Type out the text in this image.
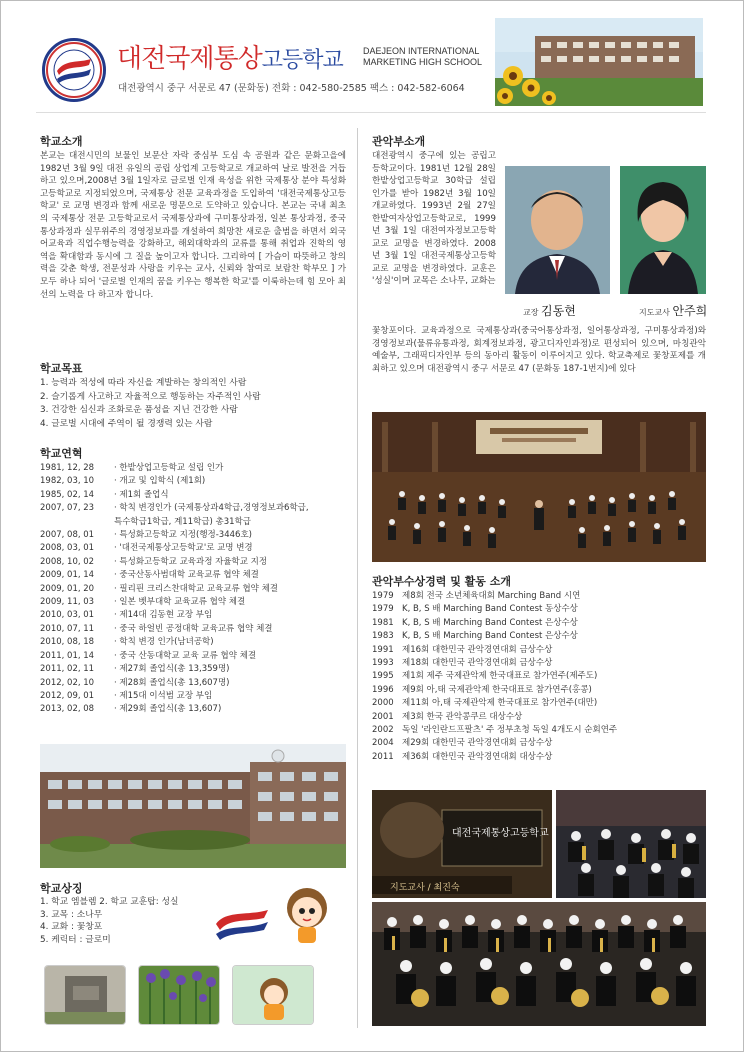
대전국제통상고등학교 DAEJEON INTERNATIONAL
MARKETING HIGH SCHOOL
대전광역시 중구 서문로 47 (문화동) 전화 : 042-580-2585 팩스 : 042-582-6064
학교소개
본교는 대전시민의 보물인 보문산 자락 중심부 도심 속 공원과 같은 문화고을에 1982년 3월 9일 대전 유일의 공립 상업계 고등학교로 개교하여 날로 발전을 거듭하고 있으며,2008년 3월 1일자로 글로벌 인재 육성을 위한 국제통상 분야 특성화고등학교로 지정되었으며, 국제통상 전문 교육과정을 도입하여 '대전국제통상고등학교' 로 교명 변경과 함께 새로운 명문으로 도약하고 있습니다. 본교는 국내 최초의 국제통상 전문 고등학교로서 국제통상과에 구미통상과정, 일본 통상과정, 중국통상과정과 실무위주의 경영정보과를 개설하여 희망찬 새로운 출범을 하면서 외국어교육과 직업수행능력을 강화하고, 해외대학과의 교류를 통해 취업과 진학의 영역을 확대함과 동시에 그 질을 높이고자 합니다. 그리하여 [ 가슴이 따뜻하고 창의력을 갖춘 학생, 전문성과 사랑을 키우는 교사, 신뢰와 참여로 보람찬 학부모 ] 가 모두 하나 되어 '글로벌 인재의 꿈을 키우는 행복한 학교'를 이룩하는데 힘 모아 최선의 노력을 다 하고자 합니다.
학교목표
1. 능력과 적성에 따라 자신을 계발하는 창의적인 사람
2. 슬기롭게 사고하고 자율적으로 행동하는 자주적인 사람
3. 건강한 심신과 조화로운 품성을 지닌 건강한 사람
4. 글로벌 시대에 주역이 될 경쟁력 있는 사람
학교연혁
1981, 12, 28	· 한밭상업고등학교 설립 인가
1982, 03, 10	· 개교 및 입학식 (제1회)
1985, 02, 14	· 제1회 졸업식
2007, 07, 23	· 학칙 변경인가 (국제통상과4학급,경영정보과6학급,
특수학급1학급, 계11학급) 총31학급
2007, 08, 01	· 특성화고등학교 지정(행정-3446호)
2008, 03, 01	· '대전국제통상고등학교'로 교명 변경
2008, 10, 02	· 특성화고등학교 교육과정 자율학교 지정
2009, 01, 14	· 중국산동사범대학 교육교류 협약 체결
2009, 01, 20	· 필리핀 크리스찬대학교 교육교류 협약 체결
2009, 11, 03	· 일본 벳부대학 교육교류 협약 체결
2010, 03, 01	· 제14대 김동현 교장 부임
2010, 07, 11	· 중국 하얼빈 공정대학 교육교류 협약 체결
2010, 08, 18	· 학칙 변경 인가(남녀공학)
2011, 01, 14	· 중국 산동대학교 교육 교류 협약 체결
2011, 02, 11	· 제27회 졸업식(총 13,359명)
2012, 02, 10	· 제28회 졸업식(총 13,607명)
2012, 09, 01	· 제15대 이석범 교장 부임
2013, 02, 08	· 제29회 졸업식(총 13,607)
학교상징
1. 학교 엠블렘 2. 학교 교훈탑: 성실
3. 교목 : 소나무
4. 교화 : 꽃창포
5. 케릭터 : 글로미
관악부소개
대전광역시 중구에 있는 공립고등학교이다. 1981년 12월 28일 한밭상업고등학교 30학급 설립인가를 받아 1982년 3월 10일 개교하였다. 1993년 2월 27일 한밭여자상업고등학교로, 1999년 3월 1일 대전여자정보고등학교로 교명을 변경하였다. 2008년 3월 1일 대전국제통상고등학교로 교명을 변경하였다. 교훈은 '성실'이며 교목은 소나무, 교화는
꽃창포이다. 교육과정으로 국제통상과(중국어통상과정, 일어통상과정, 구미통상과정)와 경영정보과(물류유통과정, 회계정보과정, 광고디자인과정)로 편성되어 있으며, 마칭관악예술부, 그래픽디자인부 등의 동아리 활동이 이루어지고 있다. 학교축제로 꽃창포제를 개최하고 있으며 대전광역시 중구 서문로 47 (문화동 187-1번지)에 있다
교장 김동현	지도교사 안주희
관악부수상경력 및 활동 소개
1979 제8회 전국 소년체육대회 Marching Band 시연
1979 K, B, S 배 Marching Band Contest 동상수상
1981 K, B, S 배 Marching Band Contest 은상수상
1983 K, B, S 배 Marching Band Contest 은상수상
1991 제16회 대한민국 관악경연대회 금상수상
1993 제18회 대한민국 관악경연대회 금상수상
1995 제1회 제주 국제관악제 한국대표로 참가연주(제주도)
1996 제9회 아,태 국제관악제 한국대표로 참가연주(홍콩)
2000 제11회 아,태 국제관악제 한국대표로 참가연주(대만)
2001 제3회 한국 관악콩쿠르 대상수상
2002 독일 '라인란드프팔츠' 주 정부초청 독일 4개도시 순회연주
2004 제29회 대한민국 관악경연대회 금상수상
2011 제36회 대한민국 관악경연대회 대상수상
대전국제통상고등학교
지도교사 / 최진숙
